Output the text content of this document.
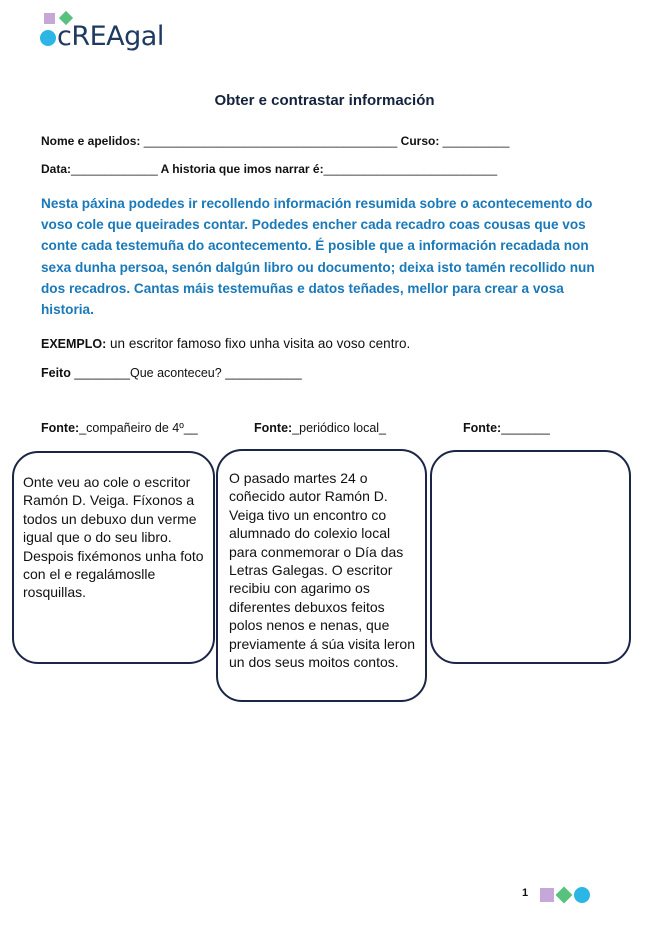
cREAgal
Obter e contrastar información
Nome e apelidos: ______________________________________ Curso: __________
Data:_____________ A historia que imos narrar é:__________________________
Nesta páxina podedes ir recollendo información resumida sobre o acontecemento do voso cole que queirades contar. Podedes encher cada recadro coas cousas que vos conte cada testemuña do acontecemento. É posible que a información recadada non sexa dunha persoa, senón dalgún libro ou documento; deixa isto tamén recollido nun dos recadros. Cantas máis testemuñas e datos teñades, mellor para crear a vosa historia.
EXEMPLO: un escritor famoso fixo unha visita ao voso centro.
Feito ________Que aconteceu? ___________
Fonte:_compañeiro de 4º__	Fonte:_periódico local_	Fonte:_______
Onte veu ao cole o escritor Ramón D. Veiga. Fíxonos a todos un debuxo dun verme igual que o do seu libro. Despois fixémonos unha foto con el e regalámoslle rosquillas.
O pasado martes 24 o coñecido autor Ramón D. Veiga tivo un encontro co alumnado do colexio local para conmemorar o Día das Letras Galegas. O escritor recibiu con agarimo os diferentes debuxos feitos polos nenos e nenas, que previamente á súa visita leron un dos seus moitos contos.
1
